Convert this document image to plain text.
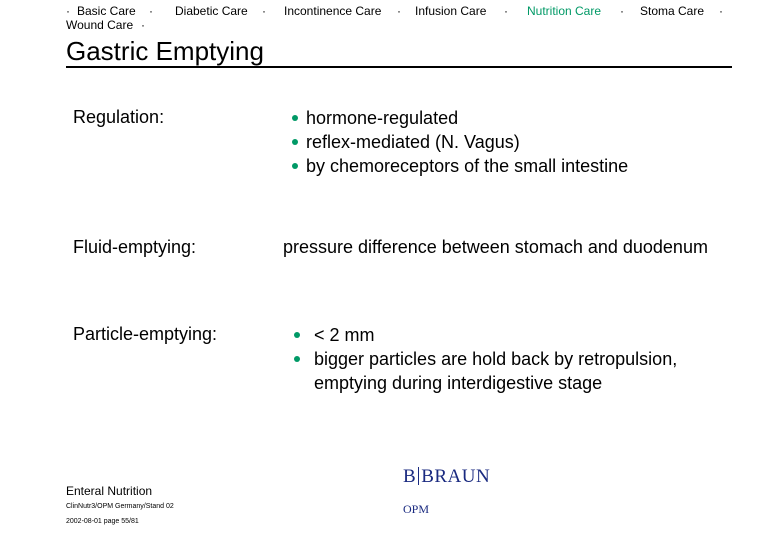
· Basic Care · Diabetic Care · Incontinence Care · Infusion Care · Nutrition Care · Stoma Care ·
Wound Care ·
Gastric Emptying
Regulation:	hormone-regulated
reflex-mediated (N. Vagus)
by chemoreceptors of the small intestine
Fluid-emptying:	pressure difference between stomach and duodenum
Particle-emptying:	< 2 mm
bigger particles are hold back by retropulsion,
emptying during interdigestive stage
Enteral Nutrition
ClinNutr3/OPM Germany/Stand 02
2002-08-01 page 55/81
B BRAUN
OPM
